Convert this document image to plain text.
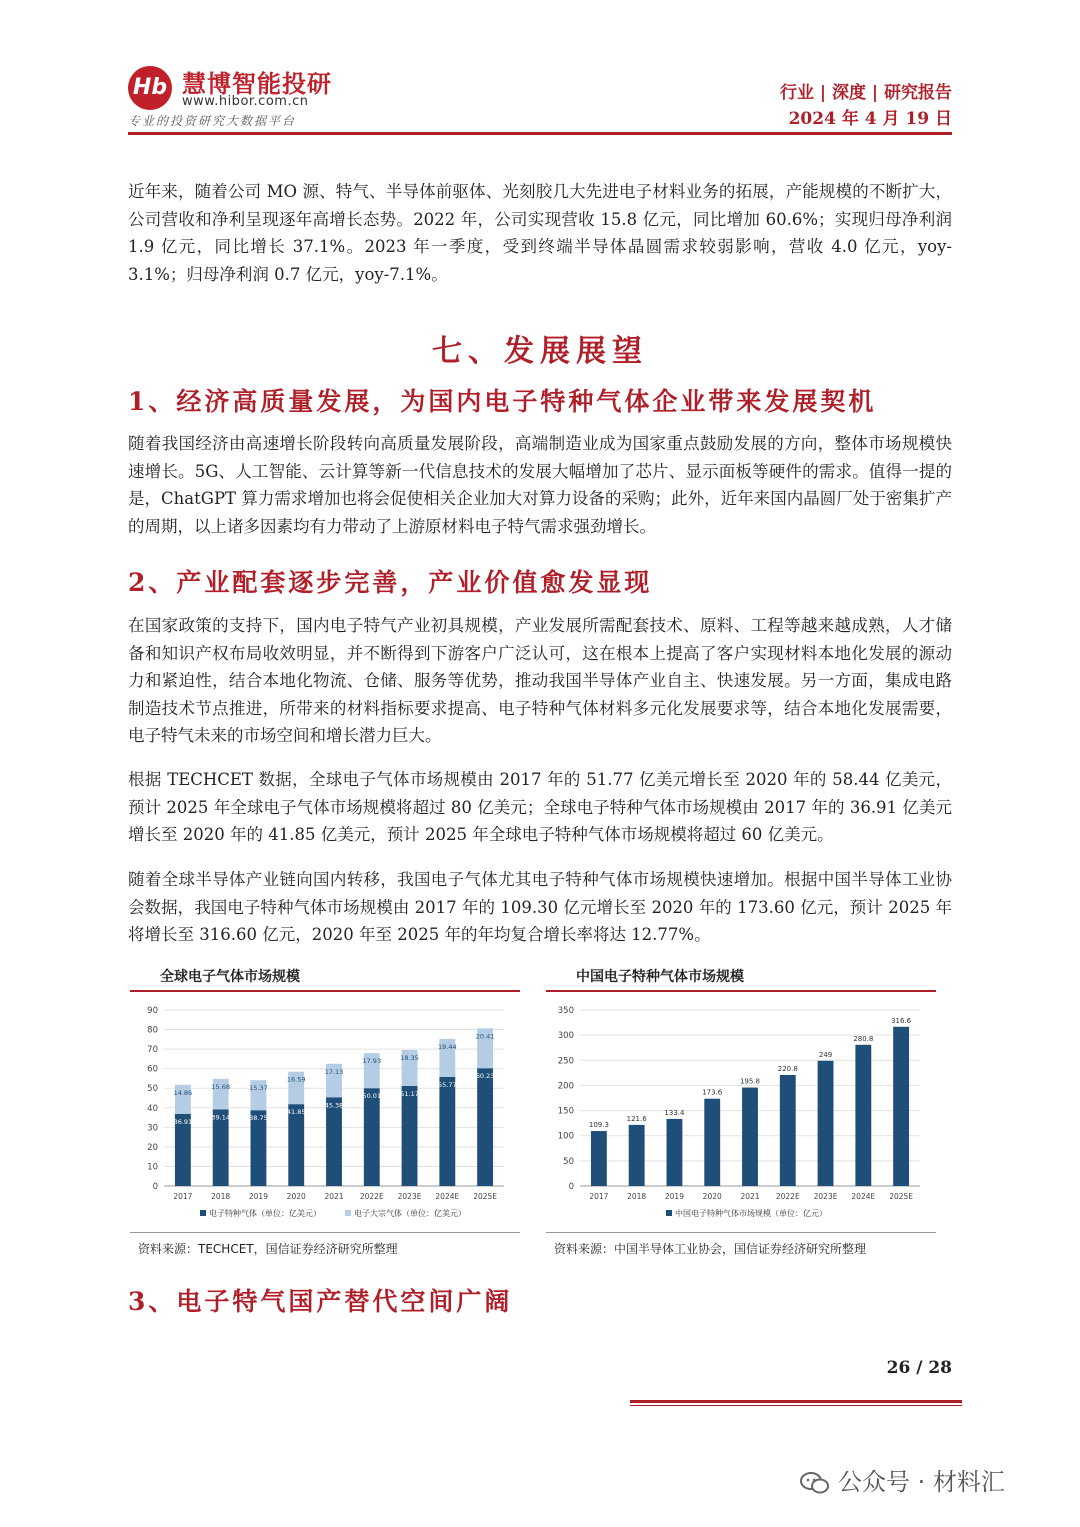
Hb 慧博智能投研
www.hibor.com.cn
专业的投资研究大数据平台
行业 | 深度 | 研究报告
2024 年 4 月 19 日

近年来，随着公司 MO 源、特气、半导体前驱体、光刻胶几大先进电子材料业务的拓展，产能规模的不断扩大，公司营收和净利呈现逐年高增长态势。2022 年，公司实现营收 15.8 亿元，同比增加 60.6%；实现归母净利润 1.9 亿元，同比增长 37.1%。2023 年一季度，受到终端半导体晶圆需求较弱影响，营收 4.0 亿元，yoy-3.1%；归母净利润 0.7 亿元，yoy-7.1%。

七、发展展望
1、经济高质量发展，为国内电子特种气体企业带来发展契机

随着我国经济由高速增长阶段转向高质量发展阶段，高端制造业成为国家重点鼓励发展的方向，整体市场规模快速增长。5G、人工智能、云计算等新一代信息技术的发展大幅增加了芯片、显示面板等硬件的需求。值得一提的是，ChatGPT 算力需求增加也将会促使相关企业加大对算力设备的采购；此外，近年来国内晶圆厂处于密集扩产的周期，以上诸多因素均有力带动了上游原材料电子特气需求强劲增长。

2、产业配套逐步完善，产业价值愈发显现

在国家政策的支持下，国内电子特气产业初具规模，产业发展所需配套技术、原料、工程等越来越成熟，人才储备和知识产权布局收效明显，并不断得到下游客户广泛认可，这在根本上提高了客户实现材料本地化发展的源动力和紧迫性，结合本地化物流、仓储、服务等优势，推动我国半导体产业自主、快速发展。另一方面，集成电路制造技术节点推进，所带来的材料指标要求提高、电子特种气体材料多元化发展要求等，结合本地化发展需要，电子特气未来的市场空间和增长潜力巨大。

根据 TECHCET 数据，全球电子气体市场规模由 2017 年的 51.77 亿美元增长至 2020 年的 58.44 亿美元，预计 2025 年全球电子气体市场规模将超过 80 亿美元；全球电子特种气体市场规模由 2017 年的 36.91 亿美元增长至 2020 年的 41.85 亿美元，预计 2025 年全球电子特种气体市场规模将超过 60 亿美元。

随着全球半导体产业链向国内转移，我国电子气体尤其电子特种气体市场规模快速增加。根据中国半导体工业协会数据，我国电子特种气体市场规模由 2017 年的 109.30 亿元增长至 2020 年的 173.60 亿元，预计 2025 年将增长至 316.60 亿元，2020 年至 2025 年的年均复合增长率将达 12.77%。

全球电子气体市场规模
0
10
20
30
40
50
60
70
80
90
36.91
14.86
2017
39.14
15.68
2018
38.75
15.37
2019
41.85
16.59
2020
45.38
17.13
2021
50.01
17.93
2022E
51.17
18.35
2023E
55.77
19.44
2024E
60.23
20.41
2025E
电子特种气体（单位：亿美元）	电子大宗气体（单位：亿美元）
资料来源：TECHCET，国信证券经济研究所整理
中国电子特种气体市场规模
0
50
100
150
200
250
300
350
109.3
2017
121.6
2018
133.4
2019
173.6
2020
195.8
2021
220.8
2022E
249
2023E
280.8
2024E
316.6
2025E
中国电子特种气体市场规模（单位：亿元）
资料来源：中国半导体工业协会，国信证券经济研究所整理
3、电子特气国产替代空间广阔
26 / 28
公众号 · 材料汇
